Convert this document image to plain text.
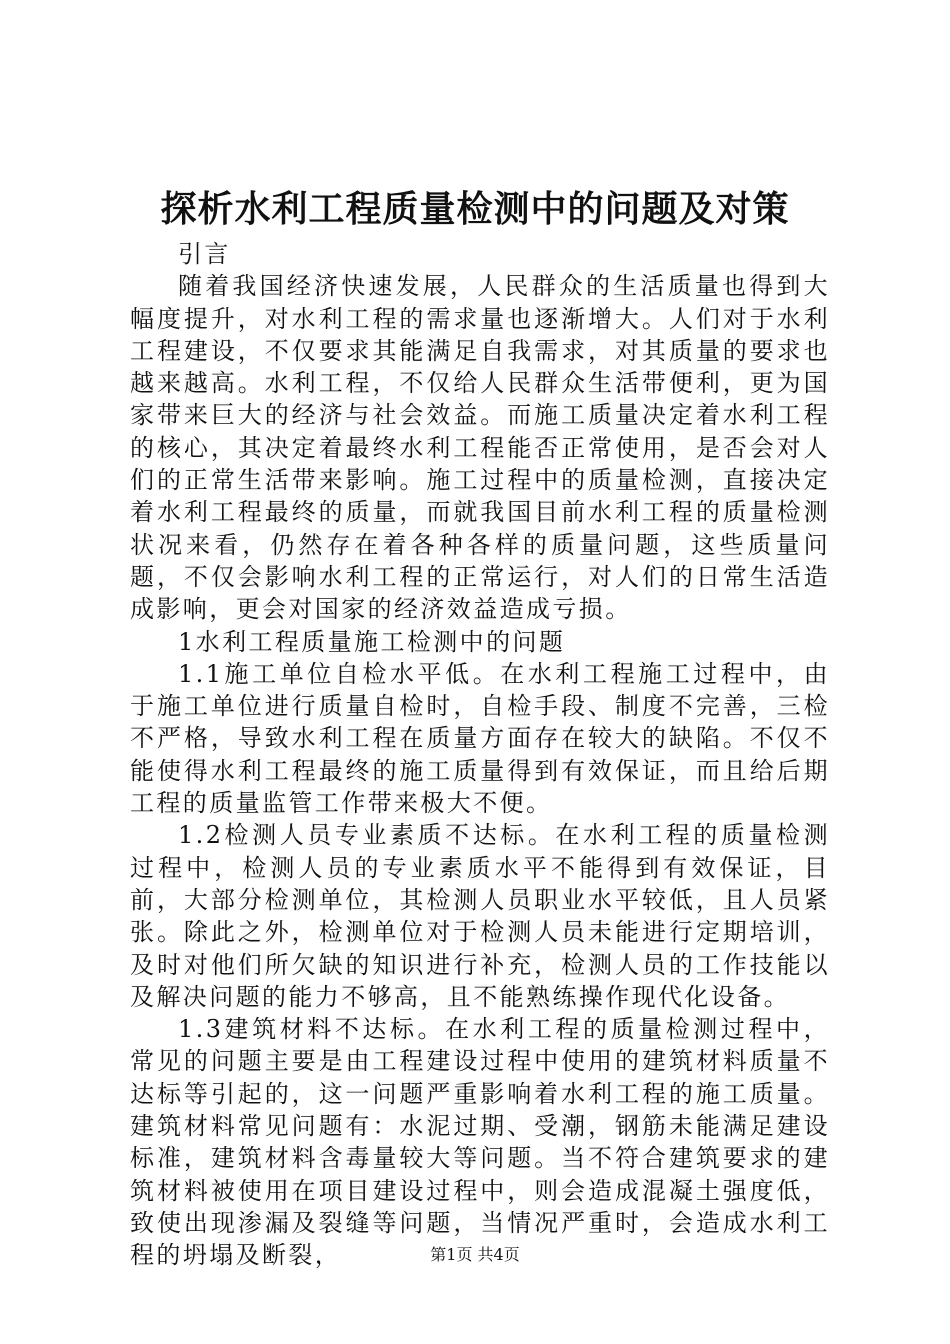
探析水利工程质量检测中的问题及对策

引言

随着我国经济快速发展，人民群众的生活质量也得到大幅度提升，对水利工程的需求量也逐渐增大。人们对于水利工程建设，不仅要求其能满足自我需求，对其质量的要求也越来越高。水利工程，不仅给人民群众生活带便利，更为国家带来巨大的经济与社会效益。而施工质量决定着水利工程的核心，其决定着最终水利工程能否正常使用，是否会对人们的正常生活带来影响。施工过程中的质量检测，直接决定着水利工程最终的质量，而就我国目前水利工程的质量检测状况来看，仍然存在着各种各样的质量问题，这些质量问题，不仅会影响水利工程的正常运行，对人们的日常生活造成影响，更会对国家的经济效益造成亏损。

1水利工程质量施工检测中的问题

1.1施工单位自检水平低。在水利工程施工过程中，由于施工单位进行质量自检时，自检手段、制度不完善，三检不严格，导致水利工程在质量方面存在较大的缺陷。不仅不能使得水利工程最终的施工质量得到有效保证，而且给后期工程的质量监管工作带来极大不便。

1.2检测人员专业素质不达标。在水利工程的质量检测过程中，检测人员的专业素质水平不能得到有效保证，目前，大部分检测单位，其检测人员职业水平较低，且人员紧张。除此之外，检测单位对于检测人员未能进行定期培训，及时对他们所欠缺的知识进行补充，检测人员的工作技能以及解决问题的能力不够高，且不能熟练操作现代化设备。

1.3建筑材料不达标。在水利工程的质量检测过程中，常见的问题主要是由工程建设过程中使用的建筑材料质量不达标等引起的，这一问题严重影响着水利工程的施工质量。建筑材料常见问题有：水泥过期、受潮，钢筋未能满足建设标准，建筑材料含毒量较大等问题。当不符合建筑要求的建筑材料被使用在项目建设过程中，则会造成混凝土强度低，致使出现渗漏及裂缝等问题，当情况严重时，会造成水利工程的坍塌及断裂，	第1页 共4页
